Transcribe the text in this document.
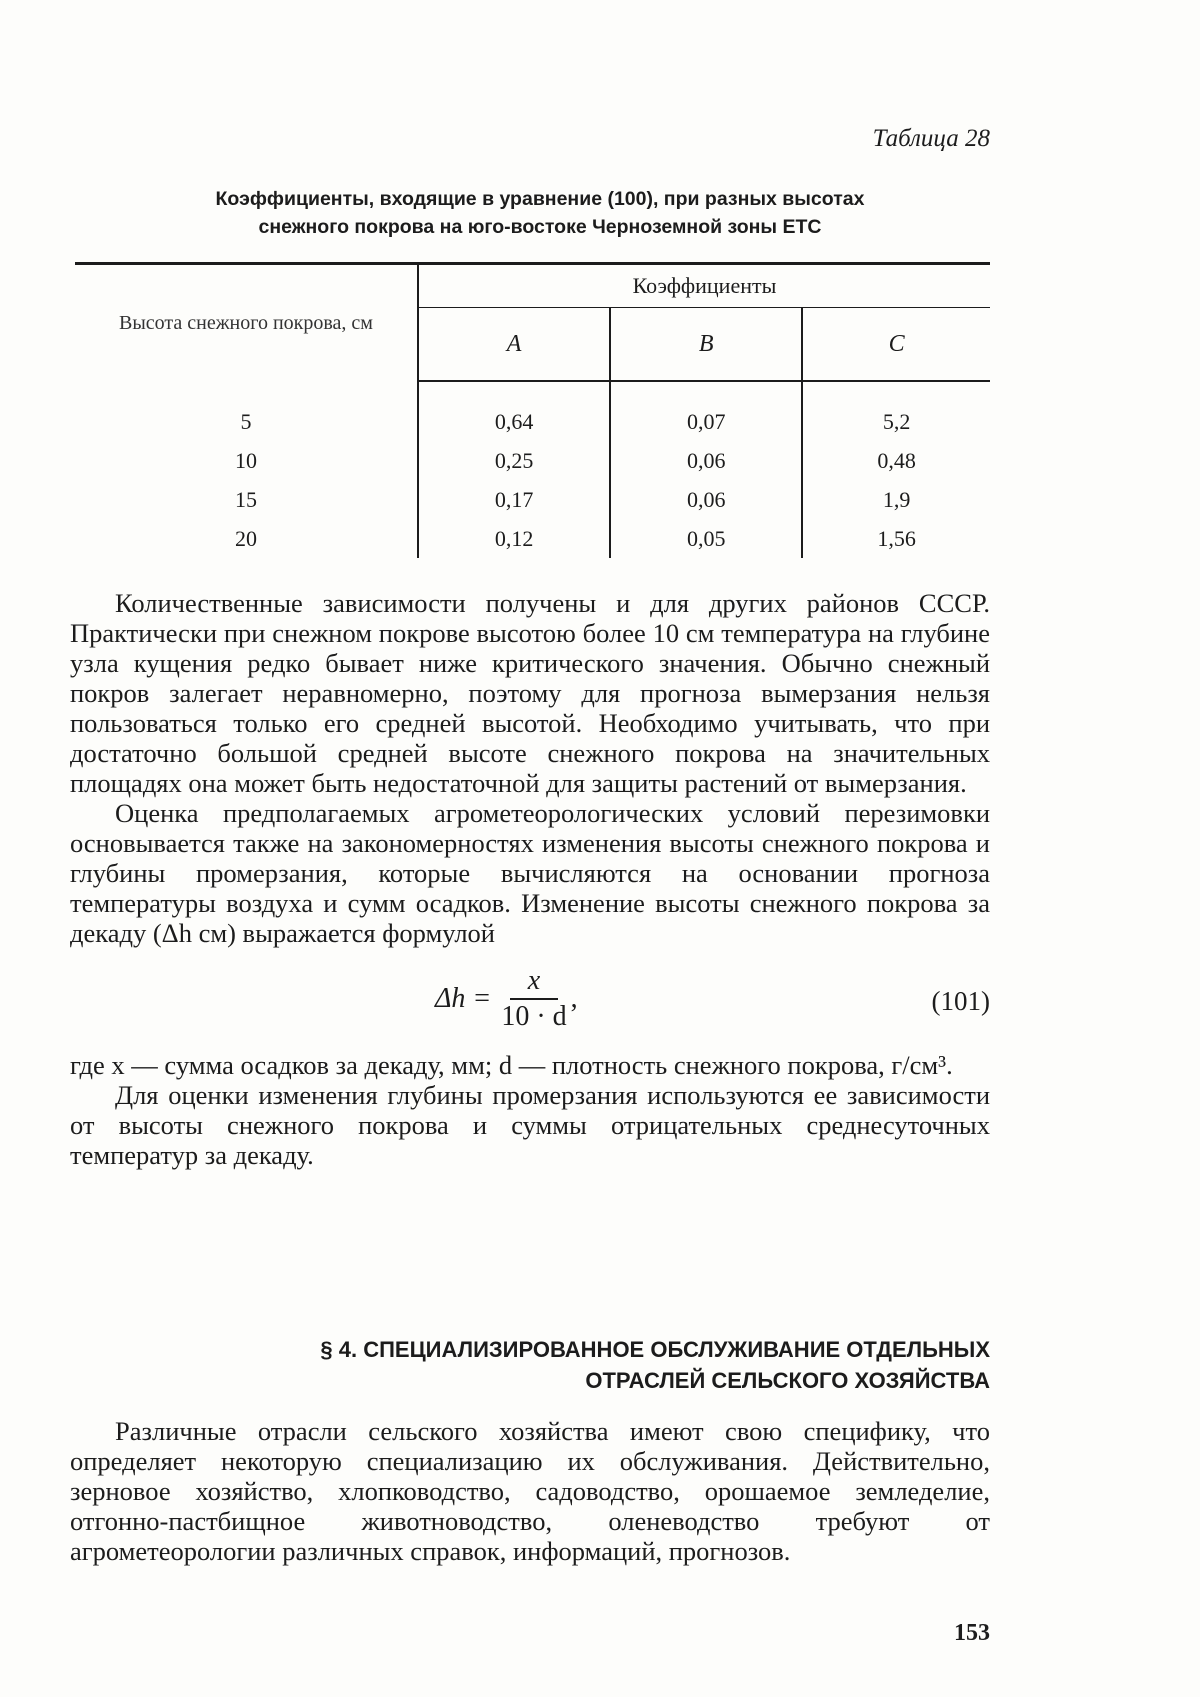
Таблица 28
Коэффициенты, входящие в уравнение (100), при разных высотах
снежного покрова на юго-востоке Черноземной зоны ЕТС
Высота снежного покрова, см	Коэффициенты
A	B	C

5	0,64	0,07	5,2
10	0,25	0,06	0,48
15	0,17	0,06	1,9
20	0,12	0,05	1,56

Количественные зависимости получены и для других районов СССР. Практически при снежном покрове высотою более 10 см температура на глубине узла кущения редко бывает ниже критического значения. Обычно снежный покров залегает неравномерно, поэтому для прогноза вымерзания нельзя пользоваться только его средней высотой. Необходимо учитывать, что при достаточно большой средней высоте снежного покрова на значительных площадях она может быть недостаточной для защиты растений от вымерзания.

Оценка предполагаемых агрометеорологических условий перезимовки основывается также на закономерностях изменения высоты снежного покрова и глубины промерзания, которые вычисляются на основании прогноза температуры воздуха и сумм осадков. Изменение высоты снежного покрова за декаду (Δh см) выражается формулой

Δh =
x
10 · d
,	(101)

где x — сумма осадков за декаду, мм; d — плотность снежного покрова, г/см³.

Для оценки изменения глубины промерзания используются ее зависимости от высоты снежного покрова и суммы отрицательных среднесуточных температур за декаду.

§ 4. СПЕЦИАЛИЗИРОВАННОЕ ОБСЛУЖИВАНИЕ ОТДЕЛЬНЫХ
ОТРАСЛЕЙ СЕЛЬСКОГО ХОЗЯЙСТВА

Различные отрасли сельского хозяйства имеют свою специфику, что определяет некоторую специализацию их обслуживания. Действительно, зерновое хозяйство, хлопководство, садоводство, орошаемое земледелие, отгонно-пастбищное животноводство, оленеводство требуют от агрометеорологии различных справок, информаций, прогнозов.

153
